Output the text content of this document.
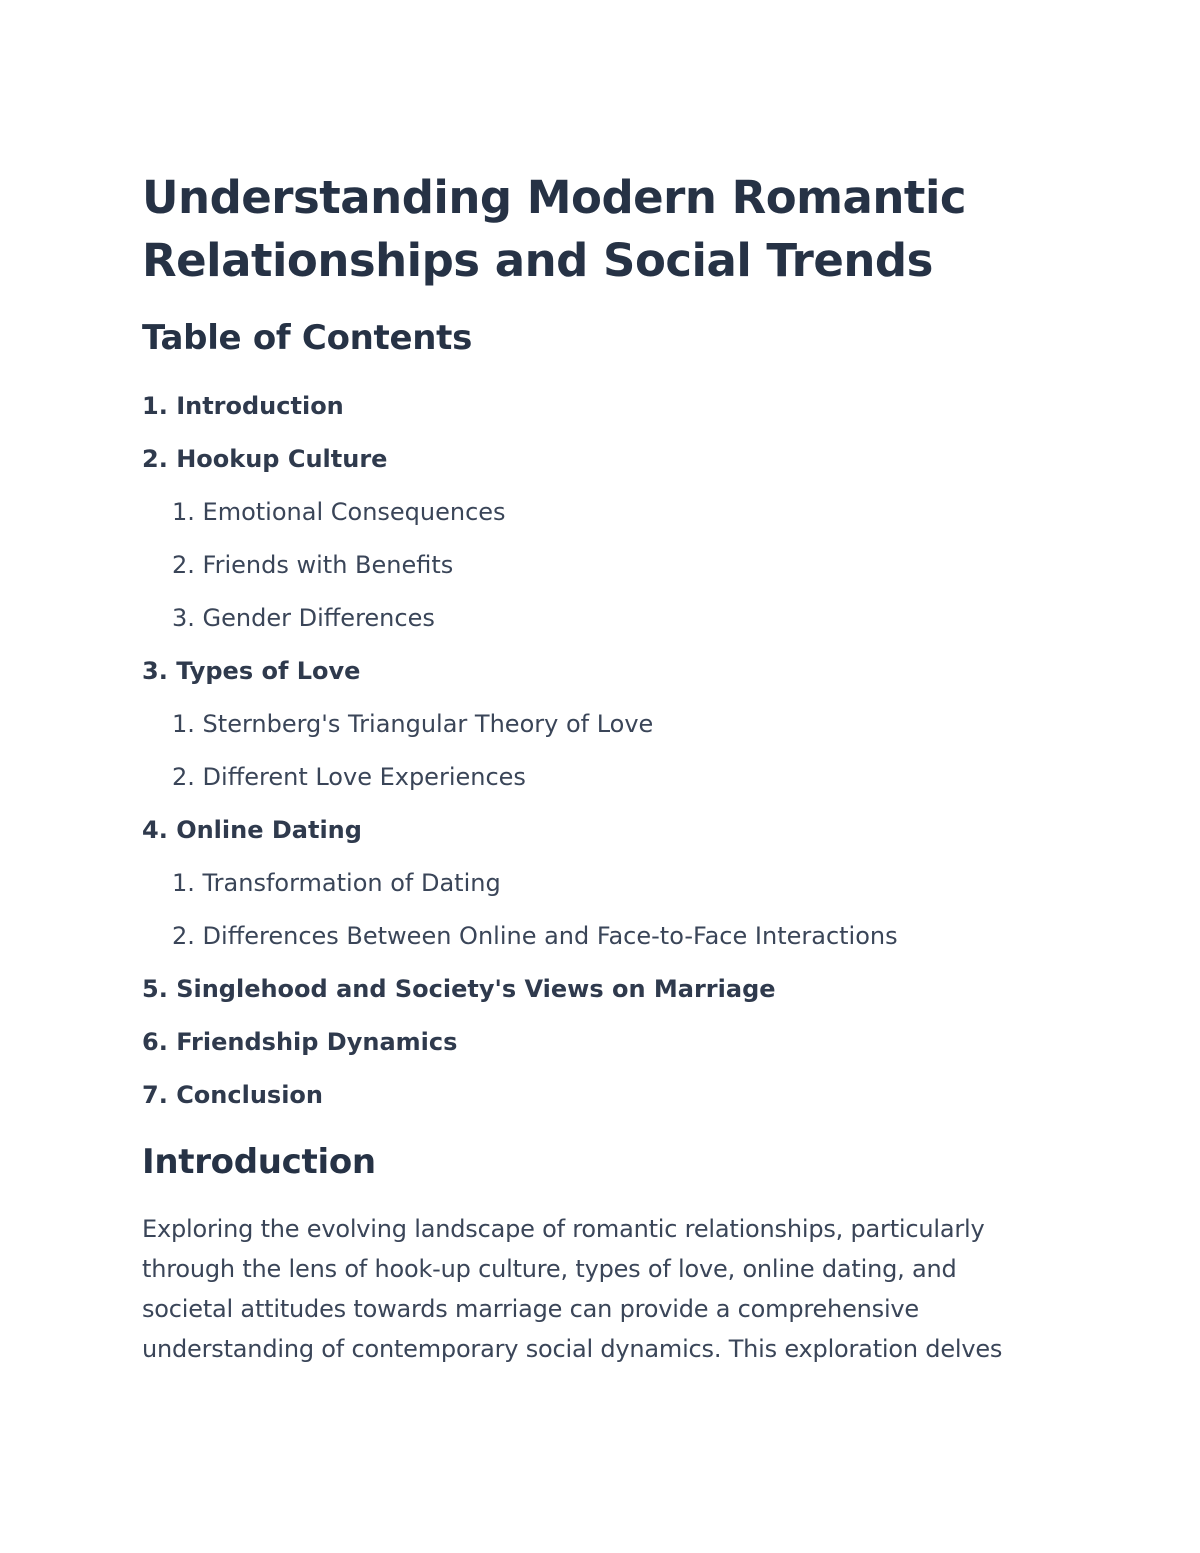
Understanding Modern Romantic Relationships and Social Trends
Table of Contents
1. Introduction
2. Hookup Culture
1. Emotional Consequences
2. Friends with Benefits
3. Gender Differences
3. Types of Love
1. Sternberg's Triangular Theory of Love
2. Different Love Experiences
4. Online Dating
1. Transformation of Dating
2. Differences Between Online and Face-to-Face Interactions
5. Singlehood and Society's Views on Marriage
6. Friendship Dynamics
7. Conclusion
Introduction

Exploring the evolving landscape of romantic relationships, particularly through the lens of hook-up culture, types of love, online dating, and societal attitudes towards marriage can provide a comprehensive understanding of contemporary social dynamics. This exploration delves
